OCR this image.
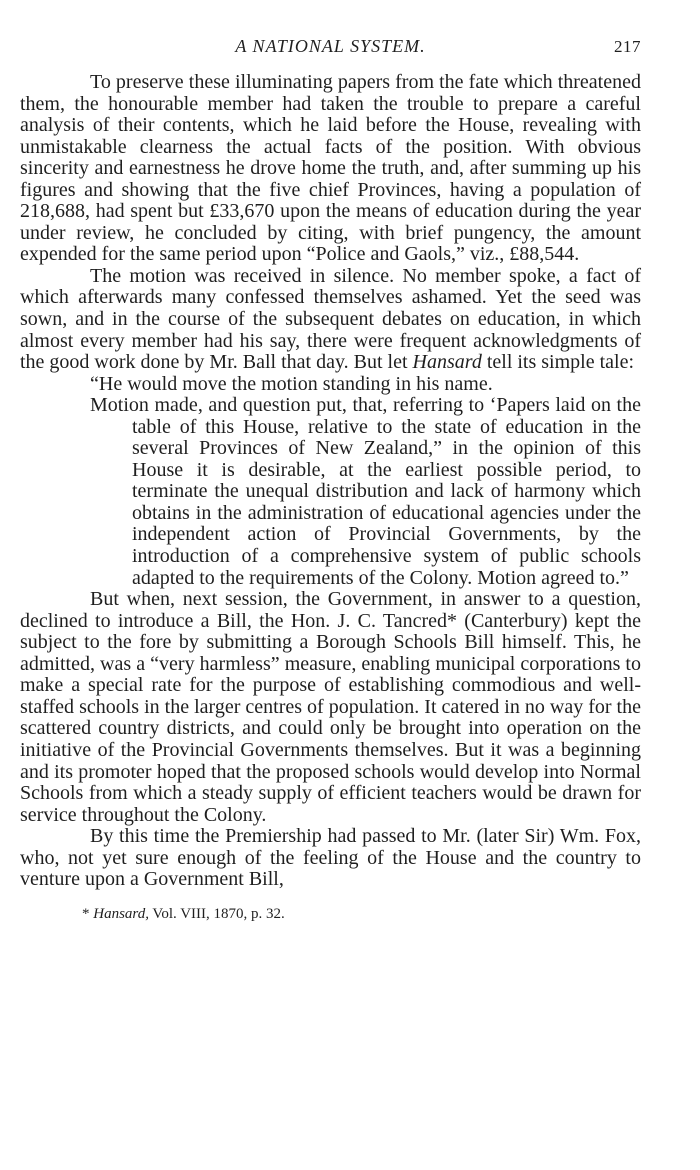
A NATIONAL SYSTEM.	217

To preserve these illuminating papers from the fate which threatened them, the honourable member had taken the trouble to prepare a careful analysis of their contents, which he laid before the House, revealing with unmistakable clearness the actual facts of the position. With obvious sincerity and earnestness he drove home the truth, and, after summing up his figures and showing that the five chief Provinces, having a population of 218,688, had spent but £33,670 upon the means of education during the year under review, he concluded by citing, with brief pungency, the amount expended for the same period upon “Police and Gaols,” viz., £88,544.

The motion was received in silence. No member spoke, a fact of which afterwards many confessed themselves ashamed. Yet the seed was sown, and in the course of the subsequent debates on education, in which almost every member had his say, there were frequent acknowledgments of the good work done by Mr. Ball that day. But let Hansard tell its simple tale:

“He would move the motion standing in his name.

Motion made, and question put, that, referring to ‘Papers laid on the table of this House, relative to the state of education in the several Provinces of New Zealand,” in the opinion of this House it is desirable, at the earliest possible period, to terminate the unequal distribution and lack of harmony which obtains in the administration of educational agencies under the independent action of Provincial Governments, by the introduction of a comprehensive system of public schools adapted to the requirements of the Colony. Motion agreed to.”

But when, next session, the Government, in answer to a question, declined to introduce a Bill, the Hon. J. C. Tancred* (Canterbury) kept the subject to the fore by submitting a Borough Schools Bill himself. This, he admitted, was a “very harmless” measure, enabling municipal corporations to make a special rate for the purpose of establishing commodious and well-staffed schools in the larger centres of population. It catered in no way for the scattered country districts, and could only be brought into operation on the initiative of the Provincial Governments themselves. But it was a beginning and its promoter hoped that the proposed schools would develop into Normal Schools from which a steady supply of efficient teachers would be drawn for service throughout the Colony.

By this time the Premiership had passed to Mr. (later Sir) Wm. Fox, who, not yet sure enough of the feeling of the House and the country to venture upon a Government Bill,

* Hansard, Vol. VIII, 1870, p. 32.
